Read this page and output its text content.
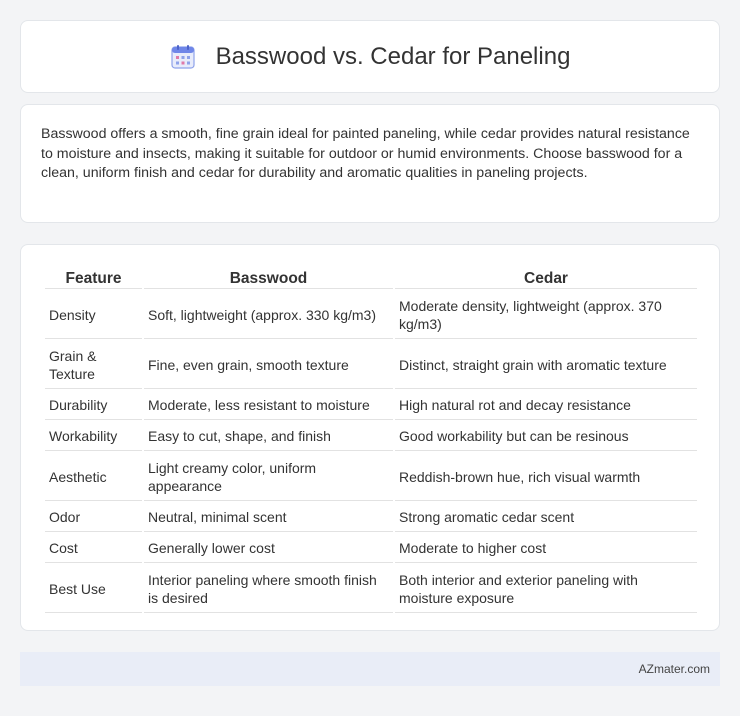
Basswood vs. Cedar for Paneling

Basswood offers a smooth, fine grain ideal for painted paneling, while cedar provides natural resistance to moisture and insects, making it suitable for outdoor or humid environments. Choose basswood for a clean, uniform finish and cedar for durability and aromatic qualities in paneling projects.

Feature	Basswood	Cedar
Density	Soft, lightweight (approx. 330 kg/m3)	Moderate density, lightweight (approx. 370 kg/m3)
Grain & Texture	Fine, even grain, smooth texture	Distinct, straight grain with aromatic texture
Durability	Moderate, less resistant to moisture	High natural rot and decay resistance
Workability	Easy to cut, shape, and finish	Good workability but can be resinous
Aesthetic	Light creamy color, uniform appearance	Reddish-brown hue, rich visual warmth
Odor	Neutral, minimal scent	Strong aromatic cedar scent
Cost	Generally lower cost	Moderate to higher cost
Best Use	Interior paneling where smooth finish is desired	Both interior and exterior paneling with moisture exposure
AZmater.com
